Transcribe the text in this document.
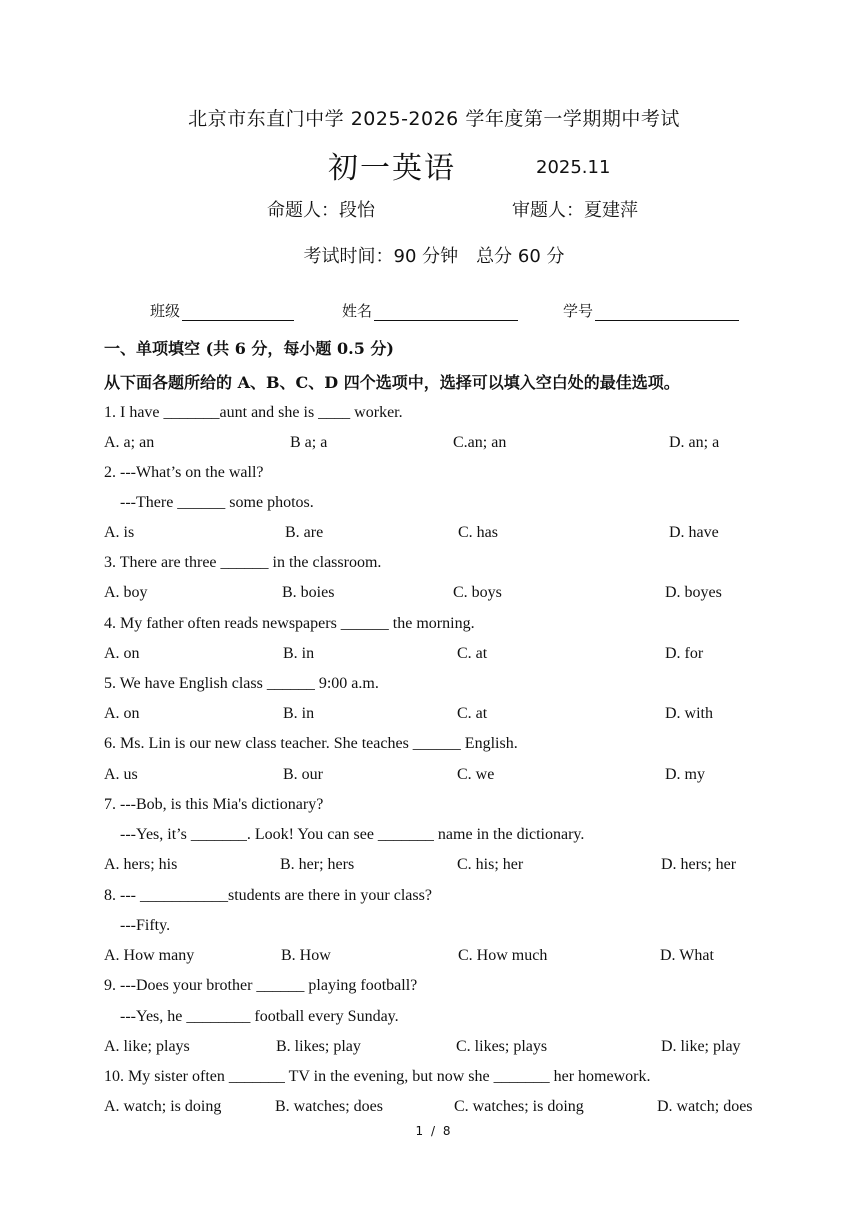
北京市东直门中学 2025-2026 学年度第一学期期中考试
初一英语	2025.11
命题人：段怡	审题人：夏建萍
考试时间：90 分钟 总分 60 分
班级	姓名	学号
一、单项填空 (共 6 分，每小题 0.5 分)
从下面各题所给的 A、B、C、D 四个选项中，选择可以填入空白处的最佳选项。
1. I have _______aunt and she is ____ worker.
A. a; an	B a; a	C.an; an	D. an; a
2. ---What’s on the wall?
---There ______ some photos.
A. is	B. are	C. has	D. have
3. There are three ______ in the classroom.
A. boy	B. boies	C. boys	D. boyes
4. My father often reads newspapers ______ the morning.
A. on	B. in	C. at	D. for
5. We have English class ______ 9:00 a.m.
A. on	B. in	C. at	D. with
6. Ms. Lin is our new class teacher. She teaches ______ English.
A. us	B. our	C. we	D. my
7. ---Bob, is this Mia's dictionary?
---Yes, it’s _______. Look! You can see _______ name in the dictionary.
A. hers; his	B. her; hers	C. his; her	D. hers; her
8. --- ___________students are there in your class?
---Fifty.
A. How many	B. How	C. How much	D. What
9. ---Does your brother ______ playing football?
---Yes, he ________ football every Sunday.
A. like; plays	B. likes; play	C. likes; plays	D. like; play
10. My sister often _______ TV in the evening, but now she _______ her homework.
A. watch; is doing	B. watches; does	C. watches; is doing	D. watch; does
1 / 8
